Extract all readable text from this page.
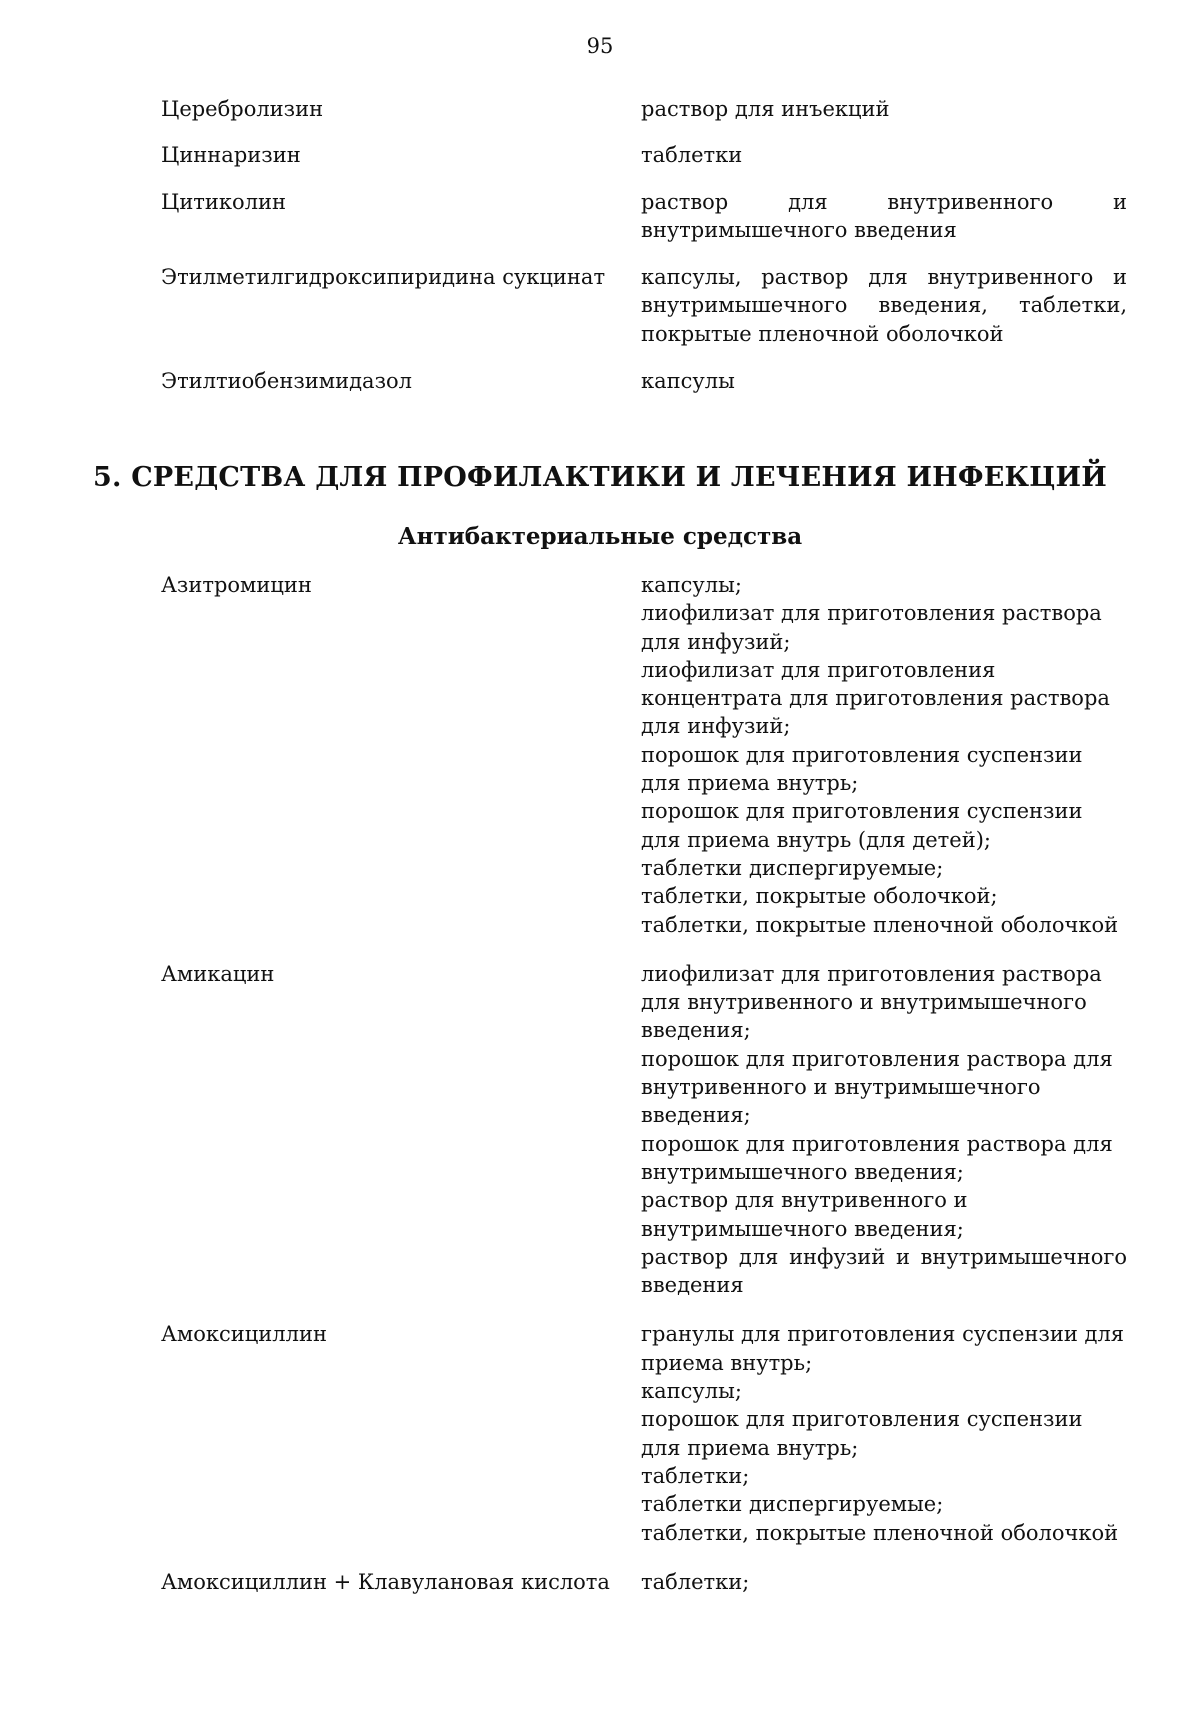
95
Церебролизин	раствор для инъекций
Циннаризин	таблетки
Цитиколин	раствор для внутривенного и внутримышечного введения
Этилметилгидроксипиридина сукцинат	капсулы, раствор для внутривенного и внутримышечного введения, таблетки, покрытые пленочной оболочкой
Этилтиобензимидазол	капсулы
5. СРЕДСТВА ДЛЯ ПРОФИЛАКТИКИ И ЛЕЧЕНИЯ ИНФЕКЦИЙ
Антибактериальные средства
Азитромицин	капсулы;
лиофилизат для приготовления раствора для инфузий;
лиофилизат для приготовления концентрата для приготовления раствора для инфузий;
порошок для приготовления суспензии для приема внутрь;
порошок для приготовления суспензии для приема внутрь (для детей);
таблетки диспергируемые;
таблетки, покрытые оболочкой;
таблетки, покрытые пленочной оболочкой
Амикацин	лиофилизат для приготовления раствора для внутривенного и внутримышечного введения;
порошок для приготовления раствора для внутривенного и внутримышечного введения;
порошок для приготовления раствора для внутримышечного введения;
раствор для внутривенного и внутримышечного введения;
раствор для инфузий и внутримышечного введения
Амоксициллин	гранулы для приготовления суспензии для приема внутрь;
капсулы;
порошок для приготовления суспензии для приема внутрь;
таблетки;
таблетки диспергируемые;
таблетки, покрытые пленочной оболочкой
Амоксициллин + Клавулановая кислота	таблетки;
